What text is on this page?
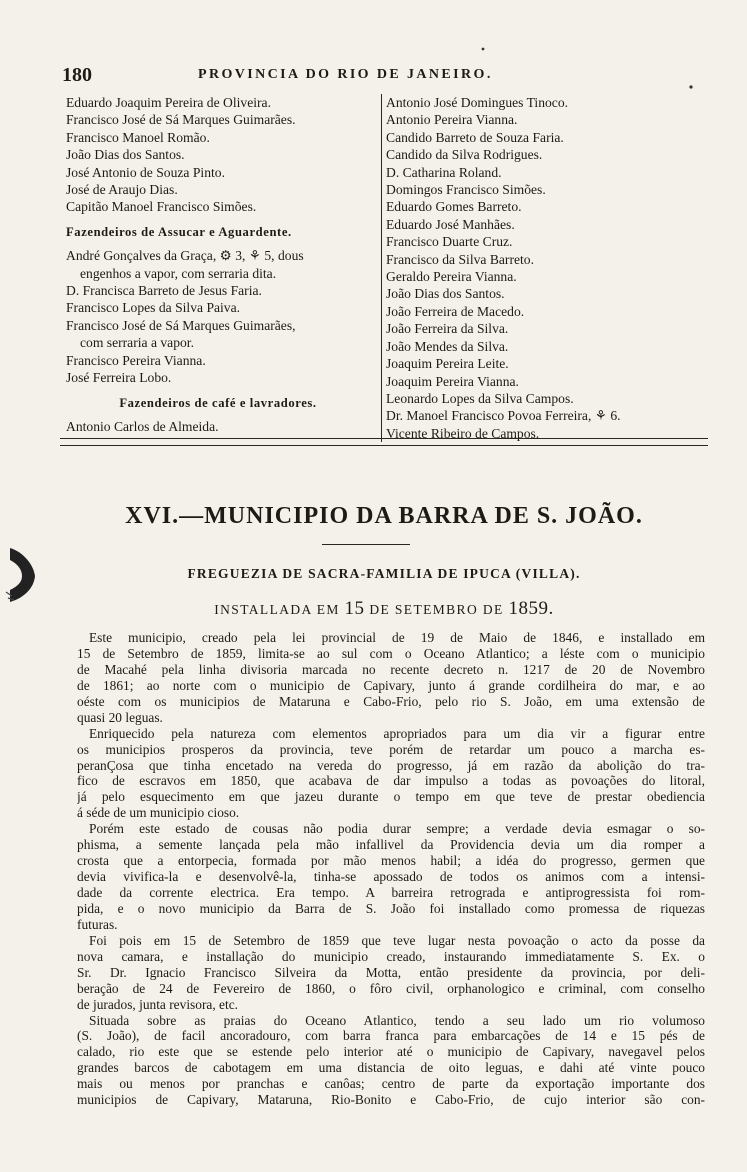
180	PROVINCIA DO RIO DE JANEIRO.
Eduardo Joaquim Pereira de Oliveira.
Francisco José de Sá Marques Guimarães.
Francisco Manoel Romão.
João Dias dos Santos.
José Antonio de Souza Pinto.
José de Araujo Dias.
Capitão Manoel Francisco Simões.
Fazendeiros de Assucar e Aguardente.
André Gonçalves da Graça, ⚙ 3, ⚘ 5, dous
engenhos a vapor, com serraria dita.
D. Francisca Barreto de Jesus Faria.
Francisco Lopes da Silva Paiva.
Francisco José de Sá Marques Guimarães,
com serraria a vapor.
Francisco Pereira Vianna.
José Ferreira Lobo.
Fazendeiros de café e lavradores.
Antonio Carlos de Almeida.
Antonio José Domingues Tinoco.
Antonio Pereira Vianna.
Candido Barreto de Souza Faria.
Candido da Silva Rodrigues.
D. Catharina Roland.
Domingos Francisco Simões.
Eduardo Gomes Barreto.
Eduardo José Manhães.
Francisco Duarte Cruz.
Francisco da Silva Barreto.
Geraldo Pereira Vianna.
João Dias dos Santos.
João Ferreira de Macedo.
João Ferreira da Silva.
João Mendes da Silva.
Joaquim Pereira Leite.
Joaquim Pereira Vianna.
Leonardo Lopes da Silva Campos.
Dr. Manoel Francisco Povoa Ferreira, ⚘ 6.
Vicente Ribeiro de Campos.
XVI.—MUNICIPIO DA BARRA DE S. JOÃO.
FREGUEZIA DE SACRA-FAMILIA DE IPUCA (VILLA).
INSTALLADA EM 15 DE SETEMBRO DE 1859.
Este municipio, creado pela lei provincial de 19 de Maio de 1846, e installado em
15 de Setembro de 1859, limita-se ao sul com o Oceano Atlantico; a léste com o municipio
de Macahé pela linha divisoria marcada no recente decreto n. 1217 de 20 de Novembro
de 1861; ao norte com o municipio de Capivary, junto á grande cordilheira do mar, e ao
oéste com os municipios de Mataruna e Cabo-Frio, pelo rio S. João, em uma extensão de
quasi 20 leguas.
Enriquecido pela natureza com elementos apropriados para um dia vir a figurar entre
os municipios prosperos da provincia, teve porém de retardar um pouco a marcha es-
peranÇosa que tinha encetado na vereda do progresso, já em razão da abolição do tra-
fico de escravos em 1850, que acabava de dar impulso a todas as povoações do litoral,
já pelo esquecimento em que jazeu durante o tempo em que teve de prestar obediencia
á séde de um municipio cioso.
Porém este estado de cousas não podia durar sempre; a verdade devia esmagar o so-
phisma, a semente lançada pela mão infallivel da Providencia devia um dia romper a
crosta que a entorpecia, formada por mão menos habil; a idéa do progresso, germen que
devia vivifica-la e desenvolvê-la, tinha-se apossado de todos os animos com a intensi-
dade da corrente electrica. Era tempo. A barreira retrograda e antiprogressista foi rom-
pida, e o novo municipio da Barra de S. João foi installado como promessa de riquezas
futuras.
Foi pois em 15 de Setembro de 1859 que teve lugar nesta povoação o acto da posse da
nova camara, e installação do municipio creado, instaurando immediatamente S. Ex. o
Sr. Dr. Ignacio Francisco Silveira da Motta, então presidente da provincia, por deli-
beração de 24 de Fevereiro de 1860, o fôro civil, orphanologico e criminal, com conselho
de jurados, junta revisora, etc.
Situada sobre as praias do Oceano Atlantico, tendo a seu lado um rio volumoso
(S. João), de facil ancoradouro, com barra franca para embarcações de 14 e 15 pés de
calado, rio este que se estende pelo interior até o municipio de Capivary, navegavel pelos
grandes barcos de cabotagem em uma distancia de oito leguas, e dahi até vinte pouco
mais ou menos por pranchas e canôas; centro de parte da exportação importante dos
municipios de Capivary, Mataruna, Rio-Bonito e Cabo-Frio, de cujo interior são con-
